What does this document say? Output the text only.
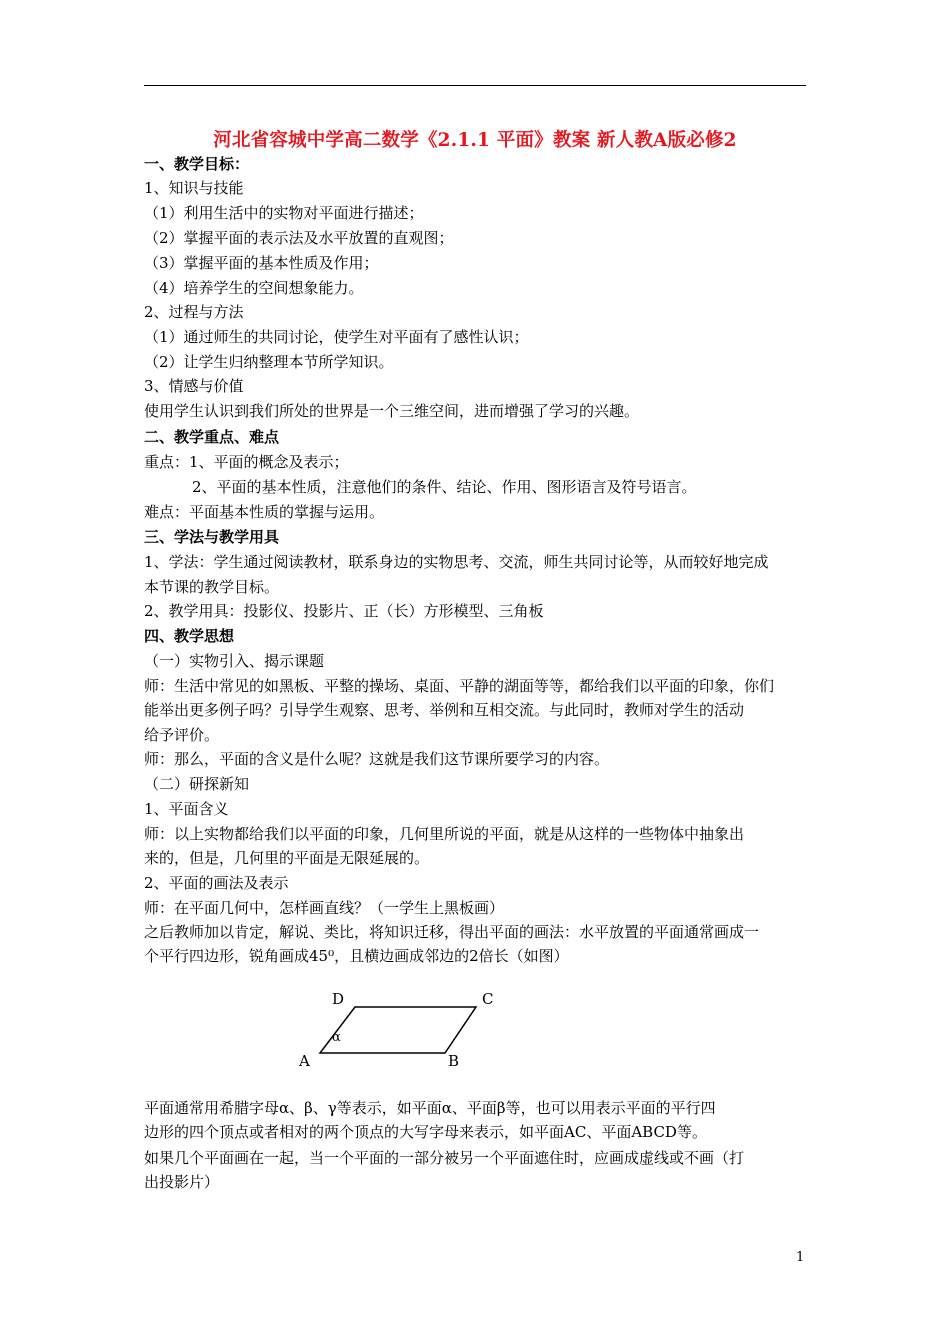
河北省容城中学高二数学《2.1.1 平面》教案 新人教A版必修2
一、教学目标：
1、知识与技能
（1）利用生活中的实物对平面进行描述；
（2）掌握平面的表示法及水平放置的直观图；
（3）掌握平面的基本性质及作用；
（4）培养学生的空间想象能力。
2、过程与方法
（1）通过师生的共同讨论，使学生对平面有了感性认识；
（2）让学生归纳整理本节所学知识。
3、情感与价值
使用学生认识到我们所处的世界是一个三维空间，进而增强了学习的兴趣。
二、教学重点、难点
重点：1、平面的概念及表示；
2、平面的基本性质，注意他们的条件、结论、作用、图形语言及符号语言。
难点：平面基本性质的掌握与运用。
三、学法与教学用具
1、学法：学生通过阅读教材，联系身边的实物思考、交流，师生共同讨论等，从而较好地完成
本节课的教学目标。
2、教学用具：投影仪、投影片、正（长）方形模型、三角板
四、教学思想
（一）实物引入、揭示课题
师：生活中常见的如黑板、平整的操场、桌面、平静的湖面等等，都给我们以平面的印象，你们
能举出更多例子吗？引导学生观察、思考、举例和互相交流。与此同时，教师对学生的活动
给予评价。
师：那么，平面的含义是什么呢？这就是我们这节课所要学习的内容。
（二）研探新知
1、平面含义
师：以上实物都给我们以平面的印象，几何里所说的平面，就是从这样的一些物体中抽象出
来的，但是，几何里的平面是无限延展的。
2、平面的画法及表示
师：在平面几何中，怎样画直线？（一学生上黑板画）
之后教师加以肯定，解说、类比，将知识迁移，得出平面的画法：水平放置的平面通常画成一
个平行四边形，锐角画成45⁰，且横边画成邻边的2倍长（如图）
D	C
A	B
α
平面通常用希腊字母α、β、γ等表示，如平面α、平面β等，也可以用表示平面的平行四
边形的四个顶点或者相对的两个顶点的大写字母来表示，如平面AC、平面ABCD等。
如果几个平面画在一起，当一个平面的一部分被另一个平面遮住时，应画成虚线或不画（打
出投影片）
1
